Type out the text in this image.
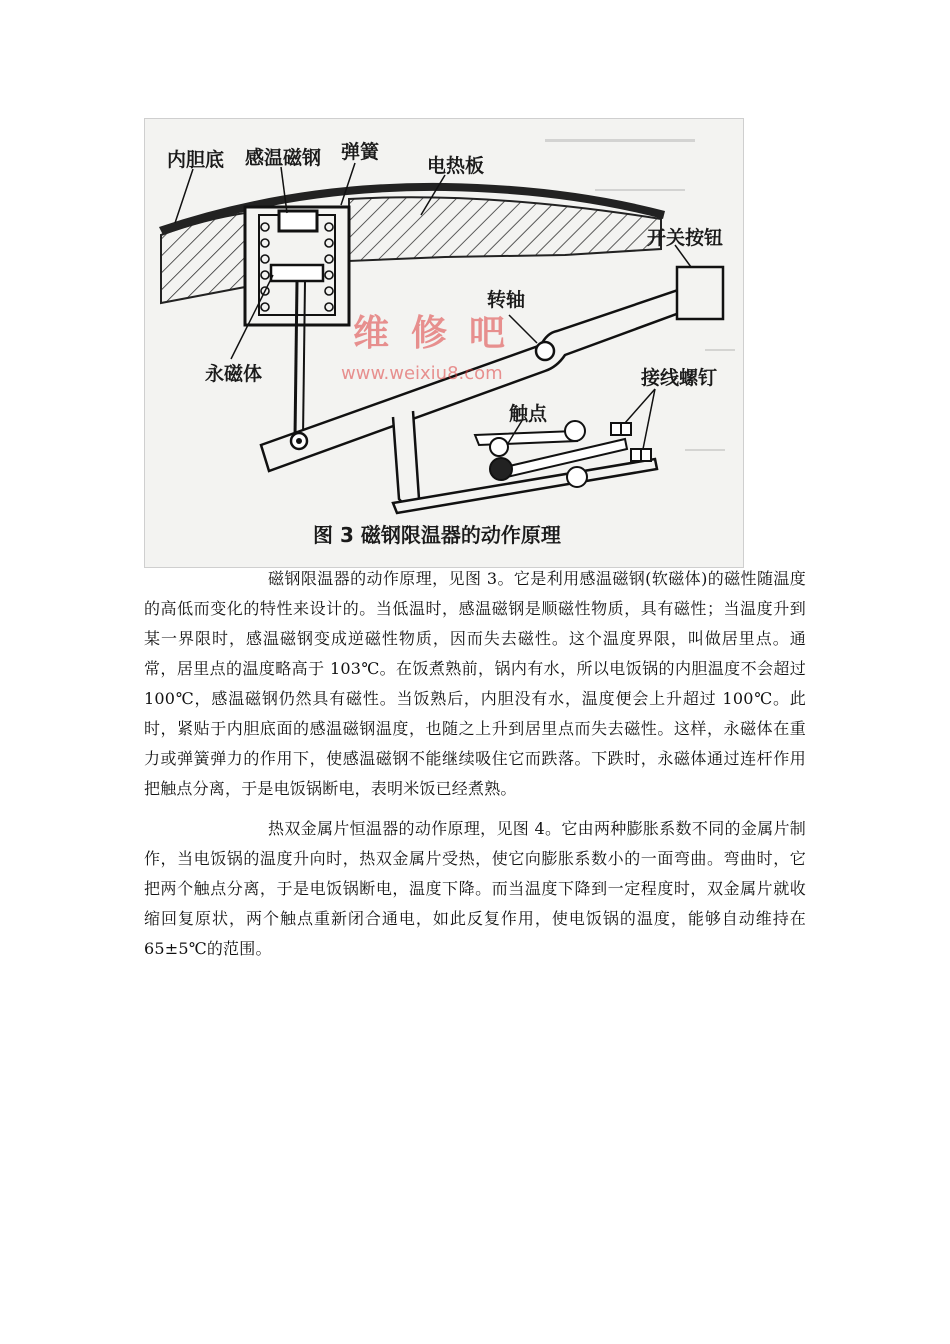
内胆底 感温磁钢 弹簧
电热板
开关按钮
转轴
永磁体	接线螺钉
触点
维修吧
www.weixiu8.com
图 3 磁钢限温器的动作原理

磁钢限温器的动作原理，见图 3。它是利用感温磁钢(软磁体)的磁性随温度的高低而变化的特性来设计的。当低温时，感温磁钢是顺磁性物质，具有磁性；当温度升到某一界限时，感温磁钢变成逆磁性物质，因而失去磁性。这个温度界限，叫做居里点。通常，居里点的温度略高于 103℃。在饭煮熟前，锅内有水，所以电饭锅的内胆温度不会超过 100℃，感温磁钢仍然具有磁性。当饭熟后，内胆没有水，温度便会上升超过 100℃。此时，紧贴于内胆底面的感温磁钢温度，也随之上升到居里点而失去磁性。这样，永磁体在重力或弹簧弹力的作用下，使感温磁钢不能继续吸住它而跌落。下跌时，永磁体通过连杆作用把触点分离，于是电饭锅断电，表明米饭已经煮熟。

热双金属片恒温器的动作原理，见图 4。它由两种膨胀系数不同的金属片制作，当电饭锅的温度升向时，热双金属片受热，使它向膨胀系数小的一面弯曲。弯曲时，它把两个触点分离，于是电饭锅断电，温度下降。而当温度下降到一定程度时，双金属片就收缩回复原状，两个触点重新闭合通电，如此反复作用，使电饭锅的温度，能够自动维持在 65±5℃的范围。
